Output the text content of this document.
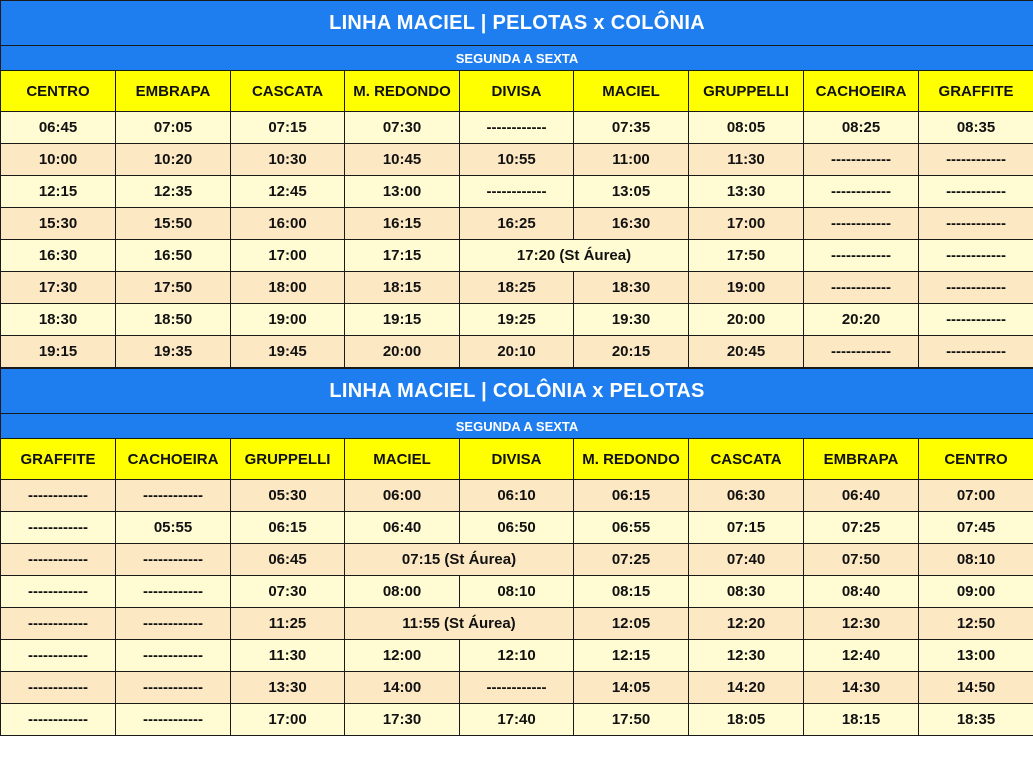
LINHA MACIEL | PELOTAS x COLÔNIA								
SEGUNDA A SEXTA								
CENTRO	EMBRAPA	CASCATA	M. REDONDO	DIVISA	MACIEL	GRUPPELLI	CACHOEIRA	GRAFFITE
06:45	07:05	07:15	07:30	------------	07:35	08:05	08:25	08:35
10:00	10:20	10:30	10:45	10:55	11:00	11:30	------------	------------
12:15	12:35	12:45	13:00	------------	13:05	13:30	------------	------------
15:30	15:50	16:00	16:15	16:25	16:30	17:00	------------	------------
16:30	16:50	17:00	17:15	17:20 (St Áurea)		17:50	------------	------------
17:30	17:50	18:00	18:15	18:25	18:30	19:00	------------	------------
18:30	18:50	19:00	19:15	19:25	19:30	20:00	20:20	------------
19:15	19:35	19:45	20:00	20:10	20:15	20:45	------------	------------
LINHA MACIEL | COLÔNIA x PELOTAS								
SEGUNDA A SEXTA								
GRAFFITE	CACHOEIRA	GRUPPELLI	MACIEL	DIVISA	M. REDONDO	CASCATA	EMBRAPA	CENTRO
------------	------------	05:30	06:00	06:10	06:15	06:30	06:40	07:00
------------	05:55	06:15	06:40	06:50	06:55	07:15	07:25	07:45
------------	------------	06:45	07:15 (St Áurea)		07:25	07:40	07:50	08:10
------------	------------	07:30	08:00	08:10	08:15	08:30	08:40	09:00
------------	------------	11:25	11:55 (St Áurea)		12:05	12:20	12:30	12:50
------------	------------	11:30	12:00	12:10	12:15	12:30	12:40	13:00
------------	------------	13:30	14:00	------------	14:05	14:20	14:30	14:50
------------	------------	17:00	17:30	17:40	17:50	18:05	18:15	18:35
